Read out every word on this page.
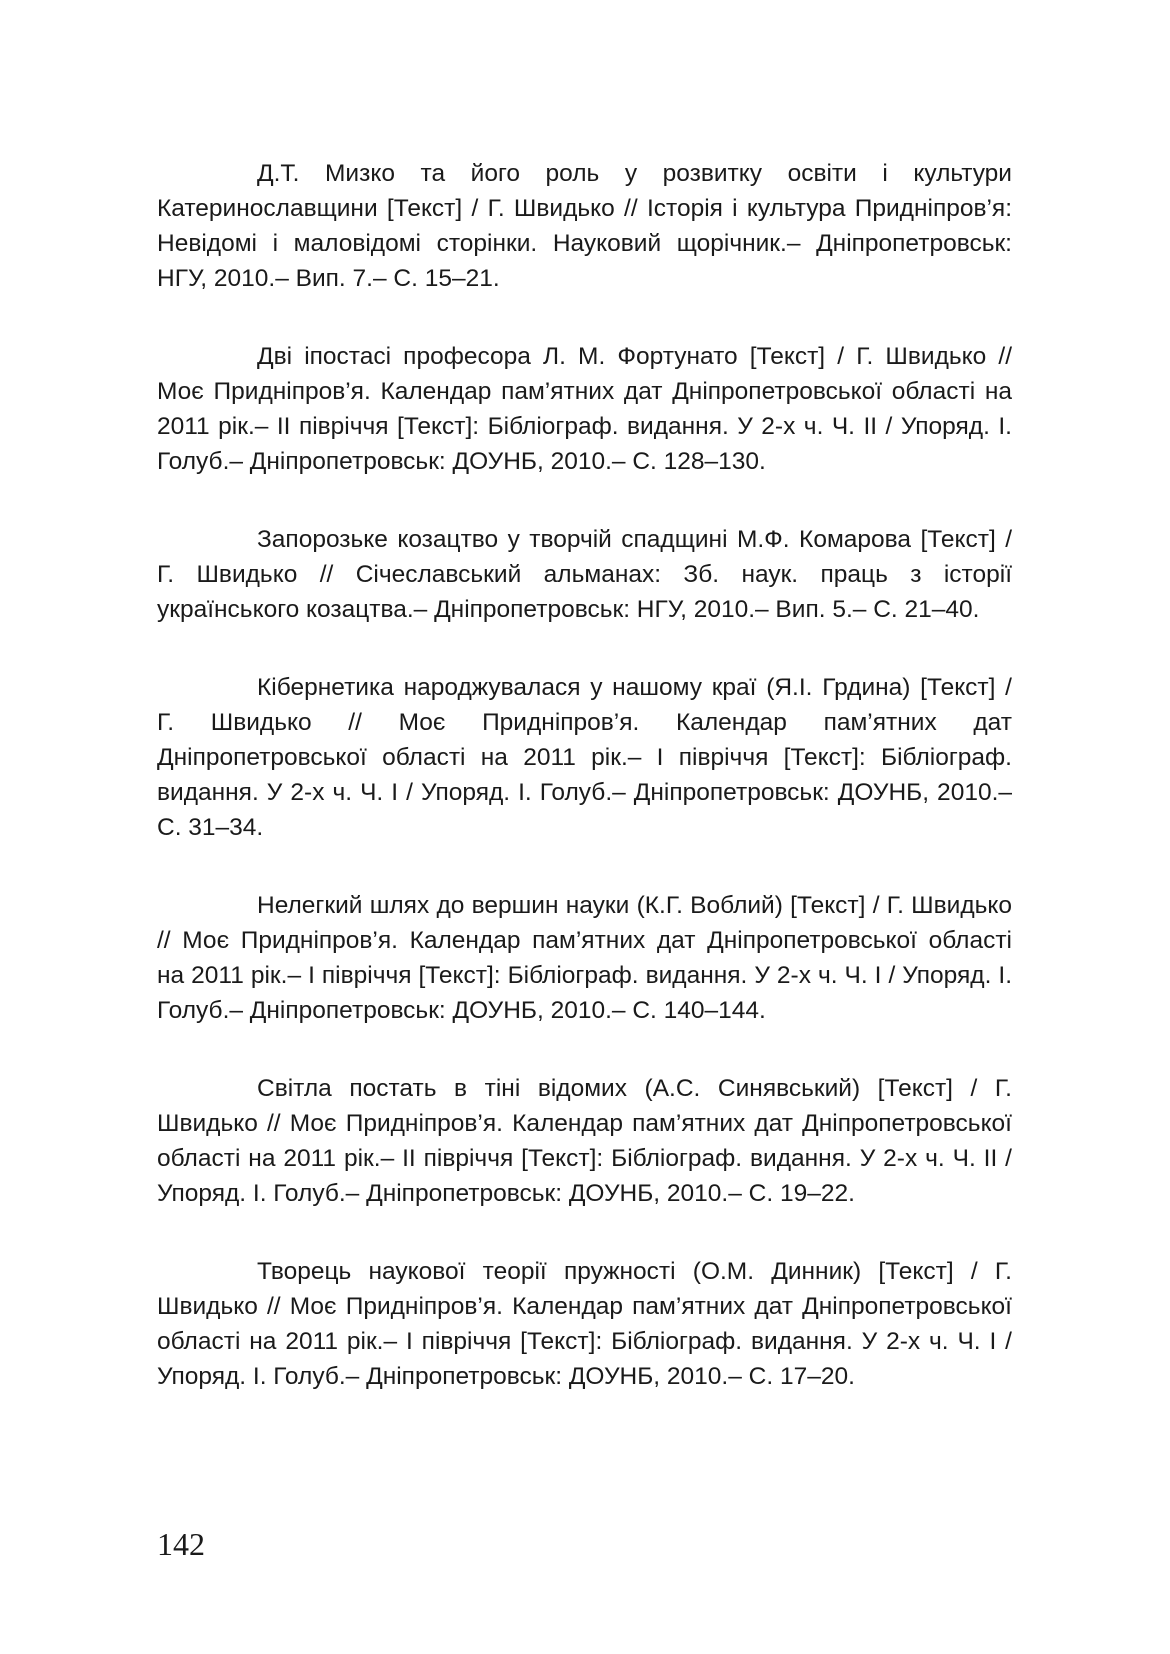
Д.Т. Мизко та його роль у розвитку освіти і культури Катеринославщини [Текст] / Г. Швидько // Історія і культура Придніпров’я: Невідомі і маловідомі сторінки. Науковий щорічник.– Дніпропетровськ: НГУ, 2010.– Вип. 7.– С. 15–21.

Дві іпостасі професора Л. М. Фортунато [Текст] / Г. Швидько // Моє Придніпров’я. Календар пам’ятних дат Дніпропетровської області на 2011 рік.– ІІ півріччя [Текст]: Бібліограф. видання. У 2-х ч. Ч. ІІ / Упоряд. І. Голуб.– Дніпропетровськ: ДОУНБ, 2010.– С. 128–130.

Запорозьке козацтво у творчій спадщині М.Ф. Комарова [Текст] / Г. Швидько // Січеславський альманах: Зб. наук. праць з історії українського козацтва.– Дніпропетровськ: НГУ, 2010.– Вип. 5.– С. 21–40.

Кібернетика народжувалася у нашому краї (Я.І. Грдина) [Текст] / Г. Швидько // Моє Придніпров’я. Календар пам’ятних дат Дніпропетровської області на 2011 рік.– І півріччя [Текст]: Бібліограф. видання. У 2-х ч. Ч. І / Упоряд. І. Голуб.– Дніпропетровськ: ДОУНБ, 2010.– С. 31–34.

Нелегкий шлях до вершин науки (К.Г. Воблий) [Текст] / Г. Швидько // Моє Придніпров’я. Календар пам’ятних дат Дніпропетровської області на 2011 рік.– І півріччя [Текст]: Бібліограф. видання. У 2-х ч. Ч. І / Упоряд. І. Голуб.– Дніпропетровськ: ДОУНБ, 2010.– С. 140–144.

Світла постать в тіні відомих (А.С. Синявський) [Текст] / Г. Швидько // Моє Придніпров’я. Календар пам’ятних дат Дніпропетровської області на 2011 рік.– ІІ півріччя [Текст]: Бібліограф. видання. У 2-х ч. Ч. ІІ / Упоряд. І. Голуб.– Дніпропетровськ: ДОУНБ, 2010.– С. 19–22.

Творець наукової теорії пружності (О.М. Динник) [Текст] / Г. Швидько // Моє Придніпров’я. Календар пам’ятних дат Дніпропетровської області на 2011 рік.– І півріччя [Текст]: Бібліограф. видання. У 2-х ч. Ч. І / Упоряд. І. Голуб.– Дніпропетровськ: ДОУНБ, 2010.– С. 17–20.

142
